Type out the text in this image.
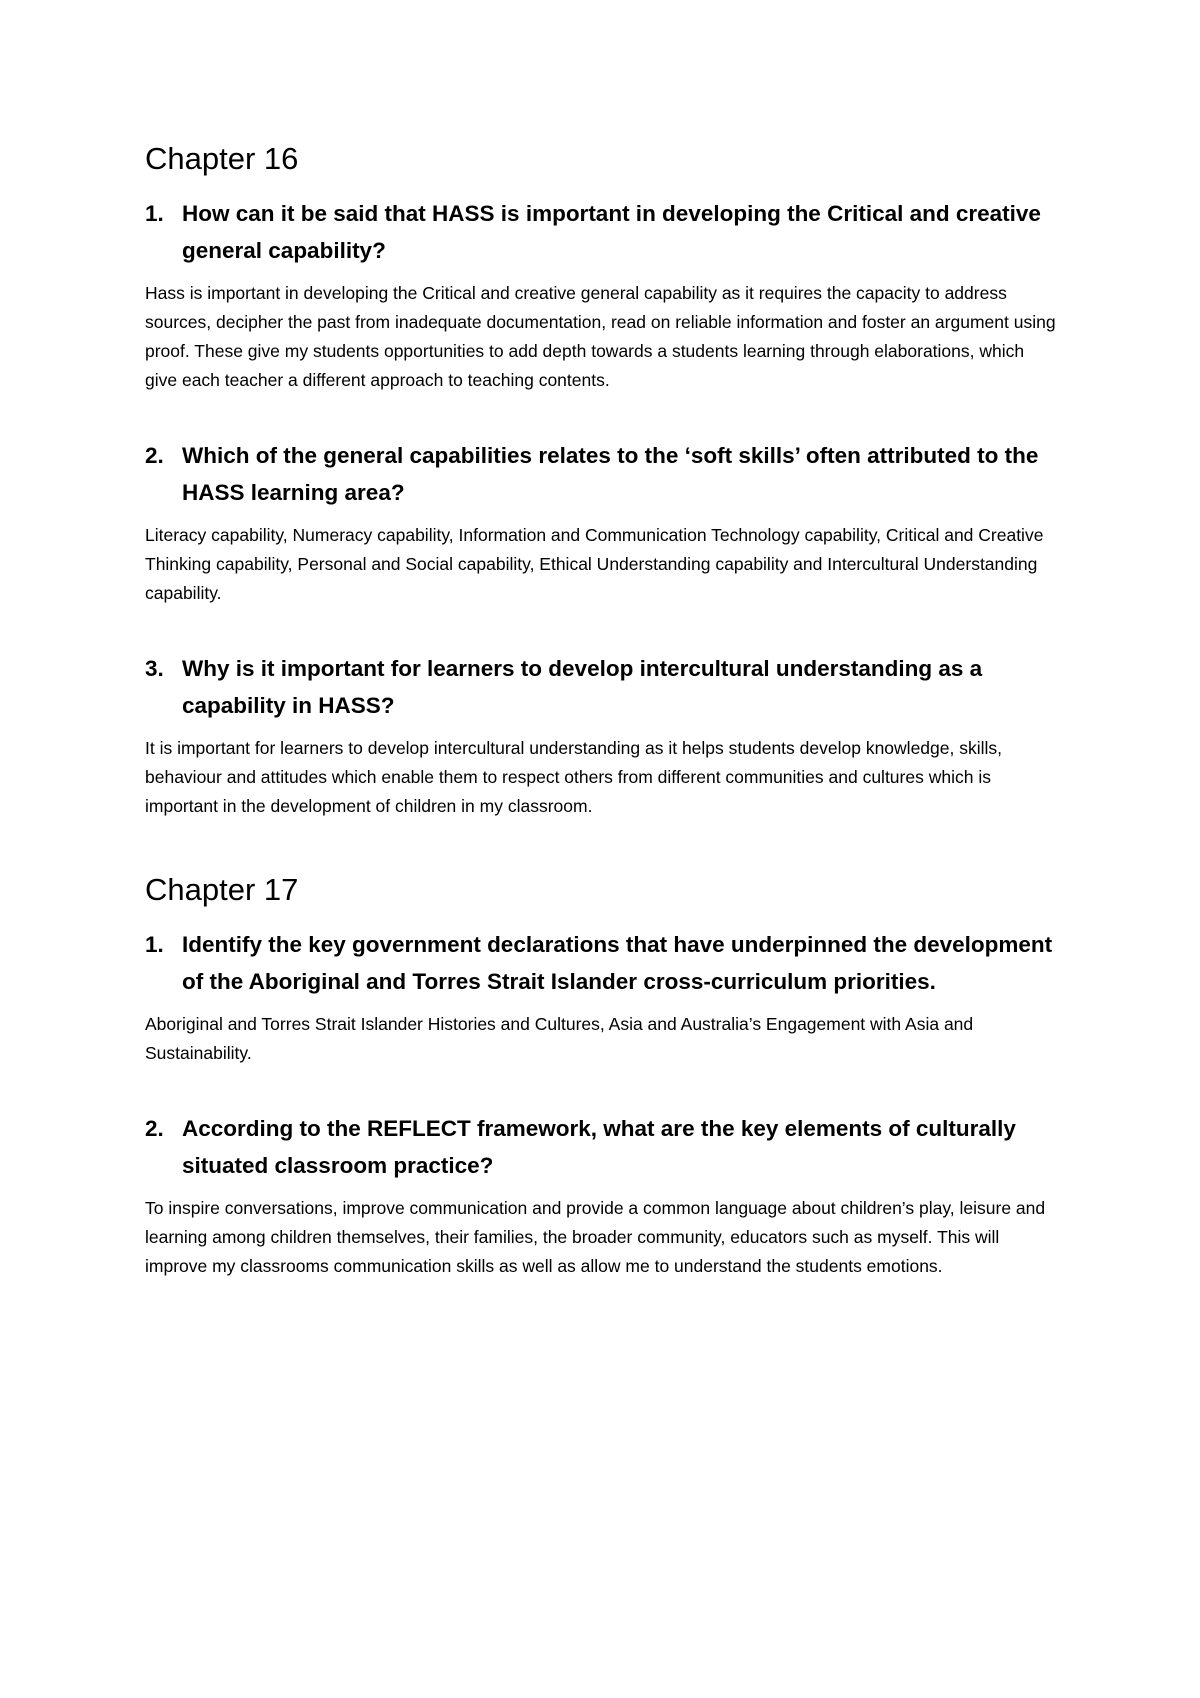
Chapter 16
1. How can it be said that HASS is important in developing the Critical and creative general capability?

Hass is important in developing the Critical and creative general capability as it requires the capacity to address sources, decipher the past from inadequate documentation, read on reliable information and foster an argument using proof. These give my students opportunities to add depth towards a students learning through elaborations, which give each teacher a different approach to teaching contents.

2. Which of the general capabilities relates to the ‘soft skills’ often attributed to the HASS learning area?

Literacy capability, Numeracy capability, Information and Communication Technology capability, Critical and Creative Thinking capability, Personal and Social capability, Ethical Understanding capability and Intercultural Understanding capability.

3. Why is it important for learners to develop intercultural understanding as a capability in HASS?

It is important for learners to develop intercultural understanding as it helps students develop knowledge, skills, behaviour and attitudes which enable them to respect others from different communities and cultures which is important in the development of children in my classroom.

Chapter 17
1. Identify the key government declarations that have underpinned the development of the Aboriginal and Torres Strait Islander cross-curriculum priorities.

Aboriginal and Torres Strait Islander Histories and Cultures, Asia and Australia’s Engagement with Asia and Sustainability.

2. According to the REFLECT framework, what are the key elements of culturally situated classroom practice?

To inspire conversations, improve communication and provide a common language about children’s play, leisure and learning among children themselves, their families, the broader community, educators such as myself. This will improve my classrooms communication skills as well as allow me to understand the students emotions.
